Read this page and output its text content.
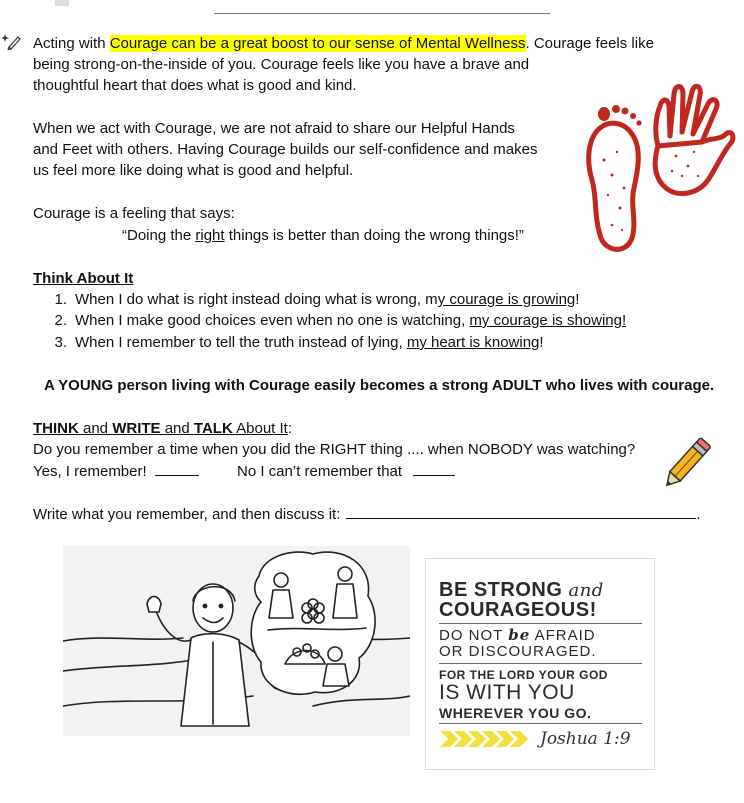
Acting with Courage can be a great boost to our sense of Mental Wellness. Courage feels like
being strong-on-the-inside of you. Courage feels like you have a brave and
thoughtful heart that does what is good and kind.
When we act with Courage, we are not afraid to share our Helpful Hands
and Feet with others. Having Courage builds our self-confidence and makes
us feel more like doing what is good and helpful.
Courage is a feeling that says:
“Doing the right things is better than doing the wrong things!”
Think About It
1. When I do what is right instead doing what is wrong, my courage is growing!
2. When I make good choices even when no one is watching, my courage is showing!
3. When I remember to tell the truth instead of lying, my heart is knowing!
A YOUNG person living with Courage easily becomes a strong ADULT who lives with courage.
THINK and WRITE and TALK About It:
Do you remember a time when you did the RIGHT thing .... when NOBODY was watching?
Yes, I remember!	No I can’t remember that
Write what you remember, and then discuss it:	.
BE STRONG and
COURAGEOUS!
DO NOT be AFRAID
OR DISCOURAGED.
FOR THE LORD YOUR GOD
IS WITH YOU
WHEREVER YOU GO.
Joshua 1:9
